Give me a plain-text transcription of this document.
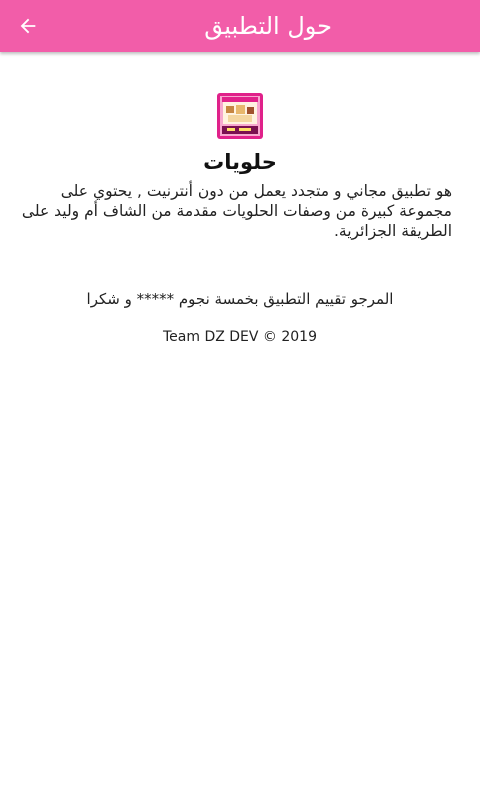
حول التطبيق
حلويات
هو تطبيق مجاني و متجدد يعمل من دون أنترنيت , يحتوي على مجموعة كبيرة من وصفات الحلويات مقدمة من الشاف أم وليد على الطريقة الجزائرية.
المرجو تقييم التطبيق بخمسة نجوم ***** و شكرا
Team DZ DEV © 2019
